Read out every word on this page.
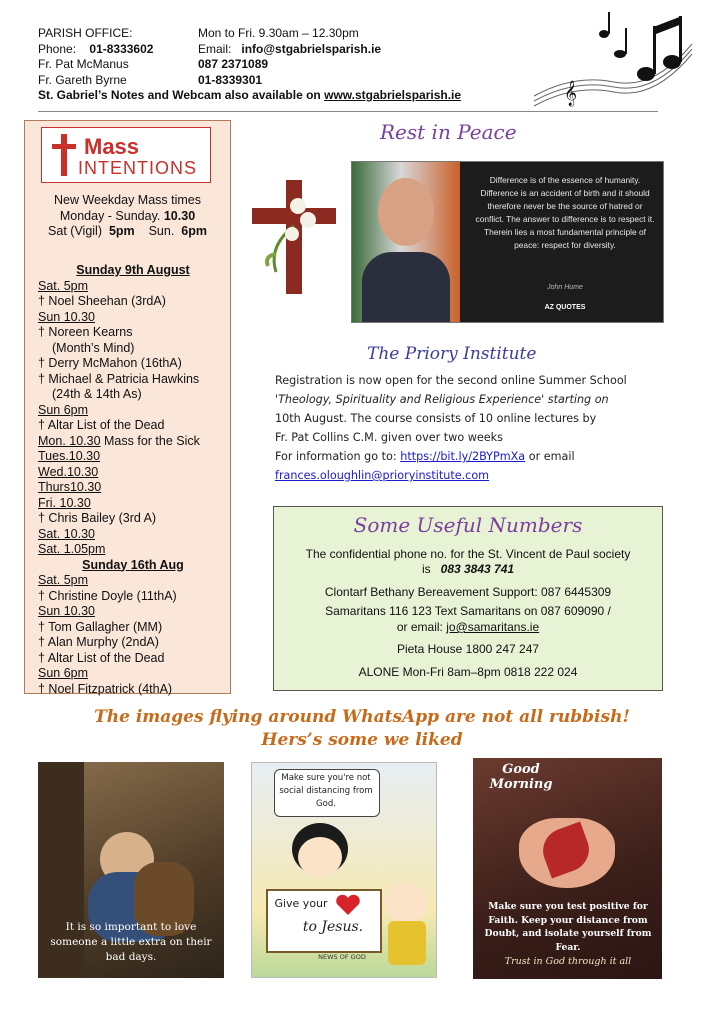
PARISH OFFICE:	Mon to Fri. 9.30am – 12.30pm
Phone: 01-8333602	Email:
info@stgabrielsparish.ie
Fr. Pat McManus	087 2371089
Fr. Gareth Byrne	01-8339301
St. Gabriel’s Notes and Webcam also available on
www.stgabrielsparish.ie	𝄞
Mass
INTENTIONS
New Weekday Mass times
Monday - Sunday. 10.30
Sat (Vigil) 5pm Sun. 6pm
Sunday 9th August
Sat. 5pm
† Noel Sheehan (3rdA)
Sun 10.30
† Noreen Kearns
(Month’s Mind)
† Derry McMahon (16thA)
† Michael & Patricia Hawkins
(24th & 14th As)
Sun 6pm
† Altar List of the Dead
Mon. 10.30 Mass for the Sick
Tues.10.30
Wed.10.30
Thurs10.30
Fri. 10.30
† Chris Bailey (3rd A)
Sat. 10.30
Sat. 1.05pm
Sunday 16th Aug
Sat. 5pm
† Christine Doyle (11thA)
Sun 10.30
† Tom Gallagher (MM)
† Alan Murphy (2ndA)
† Altar List of the Dead
Sun 6pm
† Noel Fitzpatrick (4thA)
Rest in Peace
Difference is of the essence of humanity. Difference is an accident of birth and it should therefore never be the source of hatred or conflict. The answer to difference is to respect it. Therein lies a most fundamental principle of peace: respect for diversity.
John Hume
AZ QUOTES
The Priory Institute
Registration is now open for the second online Summer School
'Theology, Spirituality and Religious Experience' starting on
10th August. The course consists of 10 online lectures by
Fr. Pat Collins C.M. given over two weeks
For information go to: https://bit.ly/2BYPmXa or email
frances.oloughlin@prioryinstitute.com
Some Useful Numbers
The confidential phone no. for the St. Vincent de Paul society
is 083 3843 741
Clontarf Bethany Bereavement Support: 087 6445309
Samaritans 116 123 Text Samaritans on 087 609090 /
or email: jo@samaritans.ie
Pieta House 1800 247 247
ALONE Mon-Fri 8am–8pm 0818 222 024
The images flying around WhatsApp are not all rubbish!
Hers’s some we liked
It is so important to love someone a little extra on their bad days.
Make sure you're not social distancing from God.
Give your
to Jesus.
NEWS OF GOD
Good Morning
Make sure you test positive for Faith. Keep your distance from Doubt, and isolate yourself from Fear.
Trust in God through it all
